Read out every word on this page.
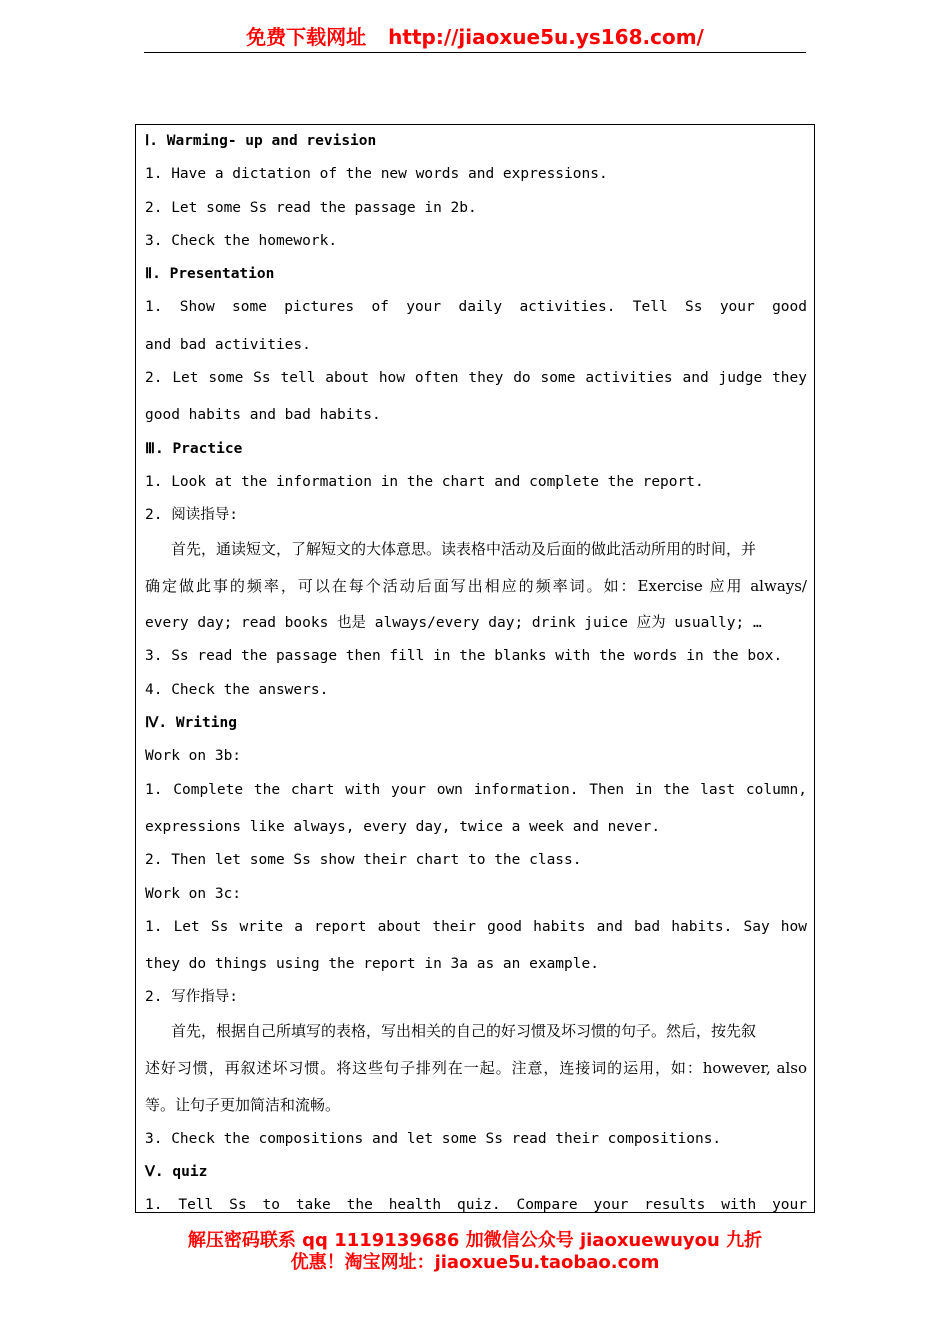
免费下载网址 http://jiaoxue5u.ys168.com/
Ⅰ. Warming- up and revision
1. Have a dictation of the new words and expressions.
2. Let some Ss read the passage in 2b.
3. Check the homework.
Ⅱ. Presentation
1. Show some pictures of your daily activities. Tell Ss your good
and bad activities.
2. Let some Ss tell about how often they do some activities and judge they
good habits and bad habits.
Ⅲ. Practice
1. Look at the information in the chart and complete the report.
2. 阅读指导:
首先，通读短文，了解短文的大体意思。读表格中活动及后面的做此活动所用的时间，并
确定做此事的频率，可以在每个活动后面写出相应的频率词。如：Exercise 应用 always/
every day; read books 也是 always/every day; drink juice 应为 usually; …
3. Ss read the passage then fill in the blanks with the words in the box.
4. Check the answers.
Ⅳ. Writing
Work on 3b:
1. Complete the chart with your own information. Then in the last column,
expressions like always, every day, twice a week and never.
2. Then let some Ss show their chart to the class.
Work on 3c:
1. Let Ss write a report about their good habits and bad habits. Say how
they do things using the report in 3a as an example.
2. 写作指导:
首先，根据自己所填写的表格，写出相关的自己的好习惯及坏习惯的句子。然后，按先叙
述好习惯，再叙述坏习惯。将这些句子排列在一起。注意，连接词的运用，如：however, also
等。让句子更加简洁和流畅。
3. Check the compositions and let some Ss read their compositions.
Ⅴ. quiz
1. Tell Ss to take the health quiz. Compare your results with your
解压密码联系 qq 1119139686 加微信公众号 jiaoxuewuyou 九折
优惠！淘宝网址：jiaoxue5u.taobao.com
